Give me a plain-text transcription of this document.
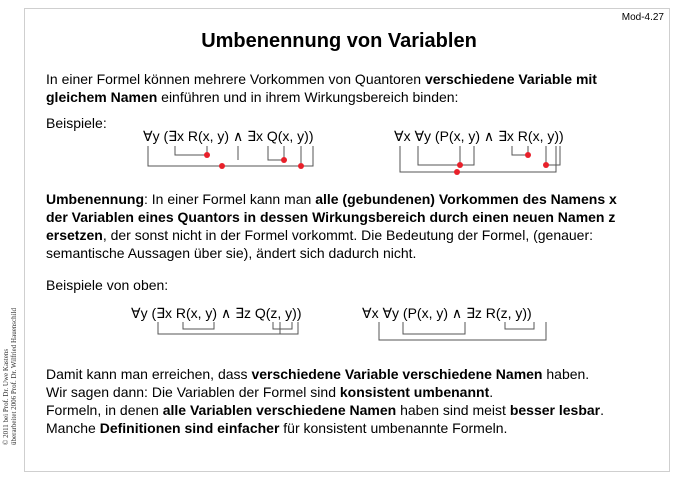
Mod-4.27
Umbenennung von Variablen
In einer Formel können mehrere Vorkommen von Quantoren verschiedene Variable mit gleichem Namen einführen und in ihrem Wirkungsbereich binden:
Beispiele:
∀y (∃x R(x, y) ∧ ∃x Q(x, y))	∀x ∀y (P(x, y) ∧ ∃x R(x, y))
Umbenennung: In einer Formel kann man alle (gebundenen) Vorkommen des Namens x der Variablen eines Quantors in dessen Wirkungsbereich durch einen neuen Namen z ersetzen, der sonst nicht in der Formel vorkommt. Die Bedeutung der Formel, (genauer: semantische Aussagen über sie), ändert sich dadurch nicht.
Beispiele von oben:
∀y (∃x R(x, y) ∧ ∃z Q(z, y))	∀x ∀y (P(x, y) ∧ ∃z R(z, y))
Damit kann man erreichen, dass verschiedene Variable verschiedene Namen haben.
Wir sagen dann: Die Variablen der Formel sind konsistent umbenannt.
Formeln, in denen alle Variablen verschiedene Namen haben sind meist besser lesbar.
Manche Definitionen sind einfacher für konsistent umbenannte Formeln.
© 2011 bei Prof. Dr. Uwe Kastens überarbeitet 2006 Prof. Dr. Wilfried Hauenschild
